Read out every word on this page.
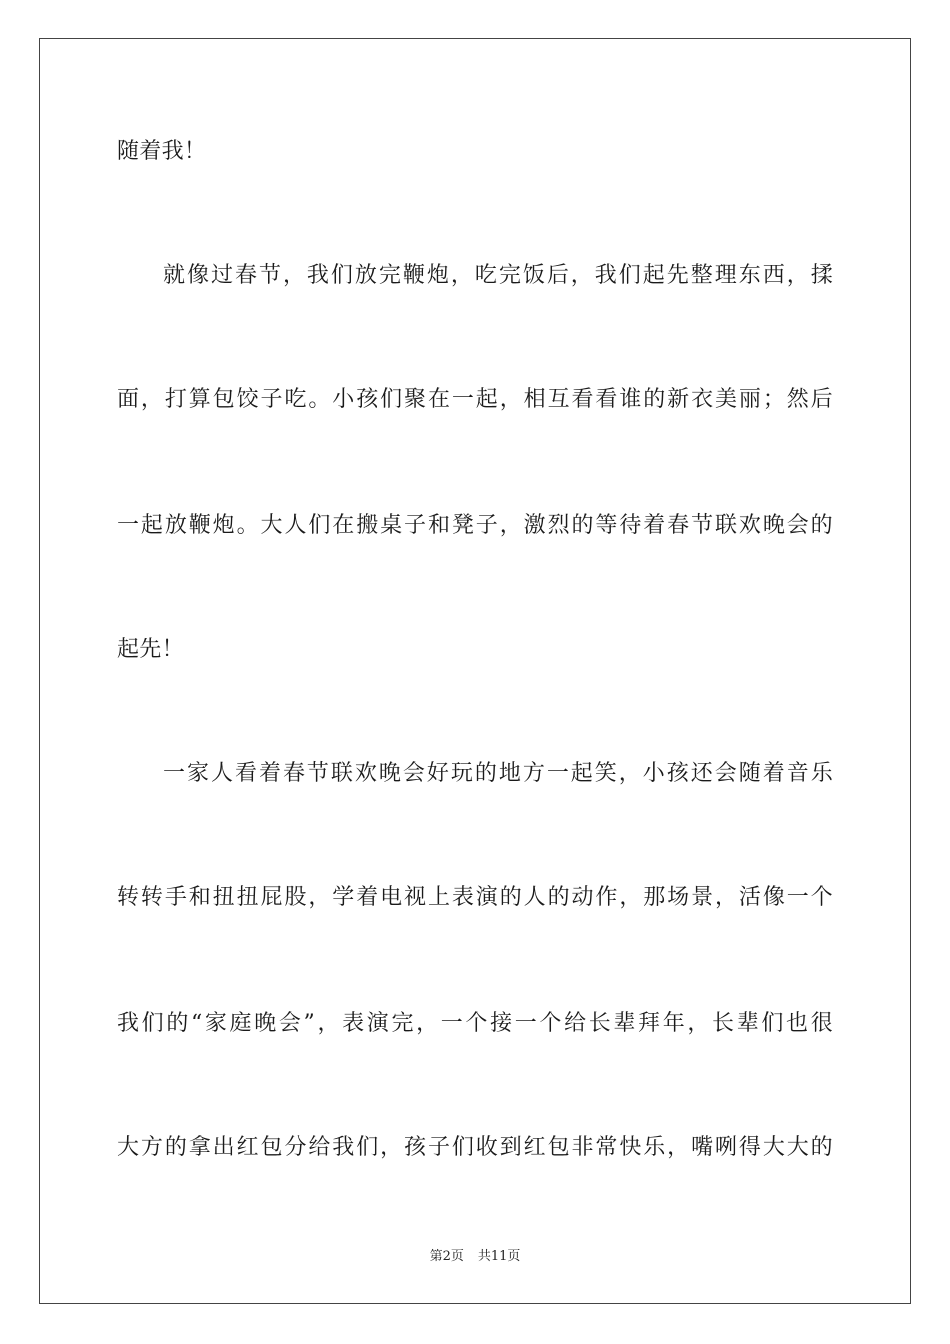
随着我！
就像过春节，我们放完鞭炮，吃完饭后，我们起先整理东西，揉
面，打算包饺子吃。小孩们聚在一起，相互看看谁的新衣美丽；然后
一起放鞭炮。大人们在搬桌子和凳子，激烈的等待着春节联欢晚会的
起先！
一家人看着春节联欢晚会好玩的地方一起笑，小孩还会随着音乐
转转手和扭扭屁股，学着电视上表演的人的动作，那场景，活像一个
我们的“家庭晚会”，表演完，一个接一个给长辈拜年，长辈们也很
大方的拿出红包分给我们，孩子们收到红包非常快乐，嘴咧得大大的
第2页 共11页
